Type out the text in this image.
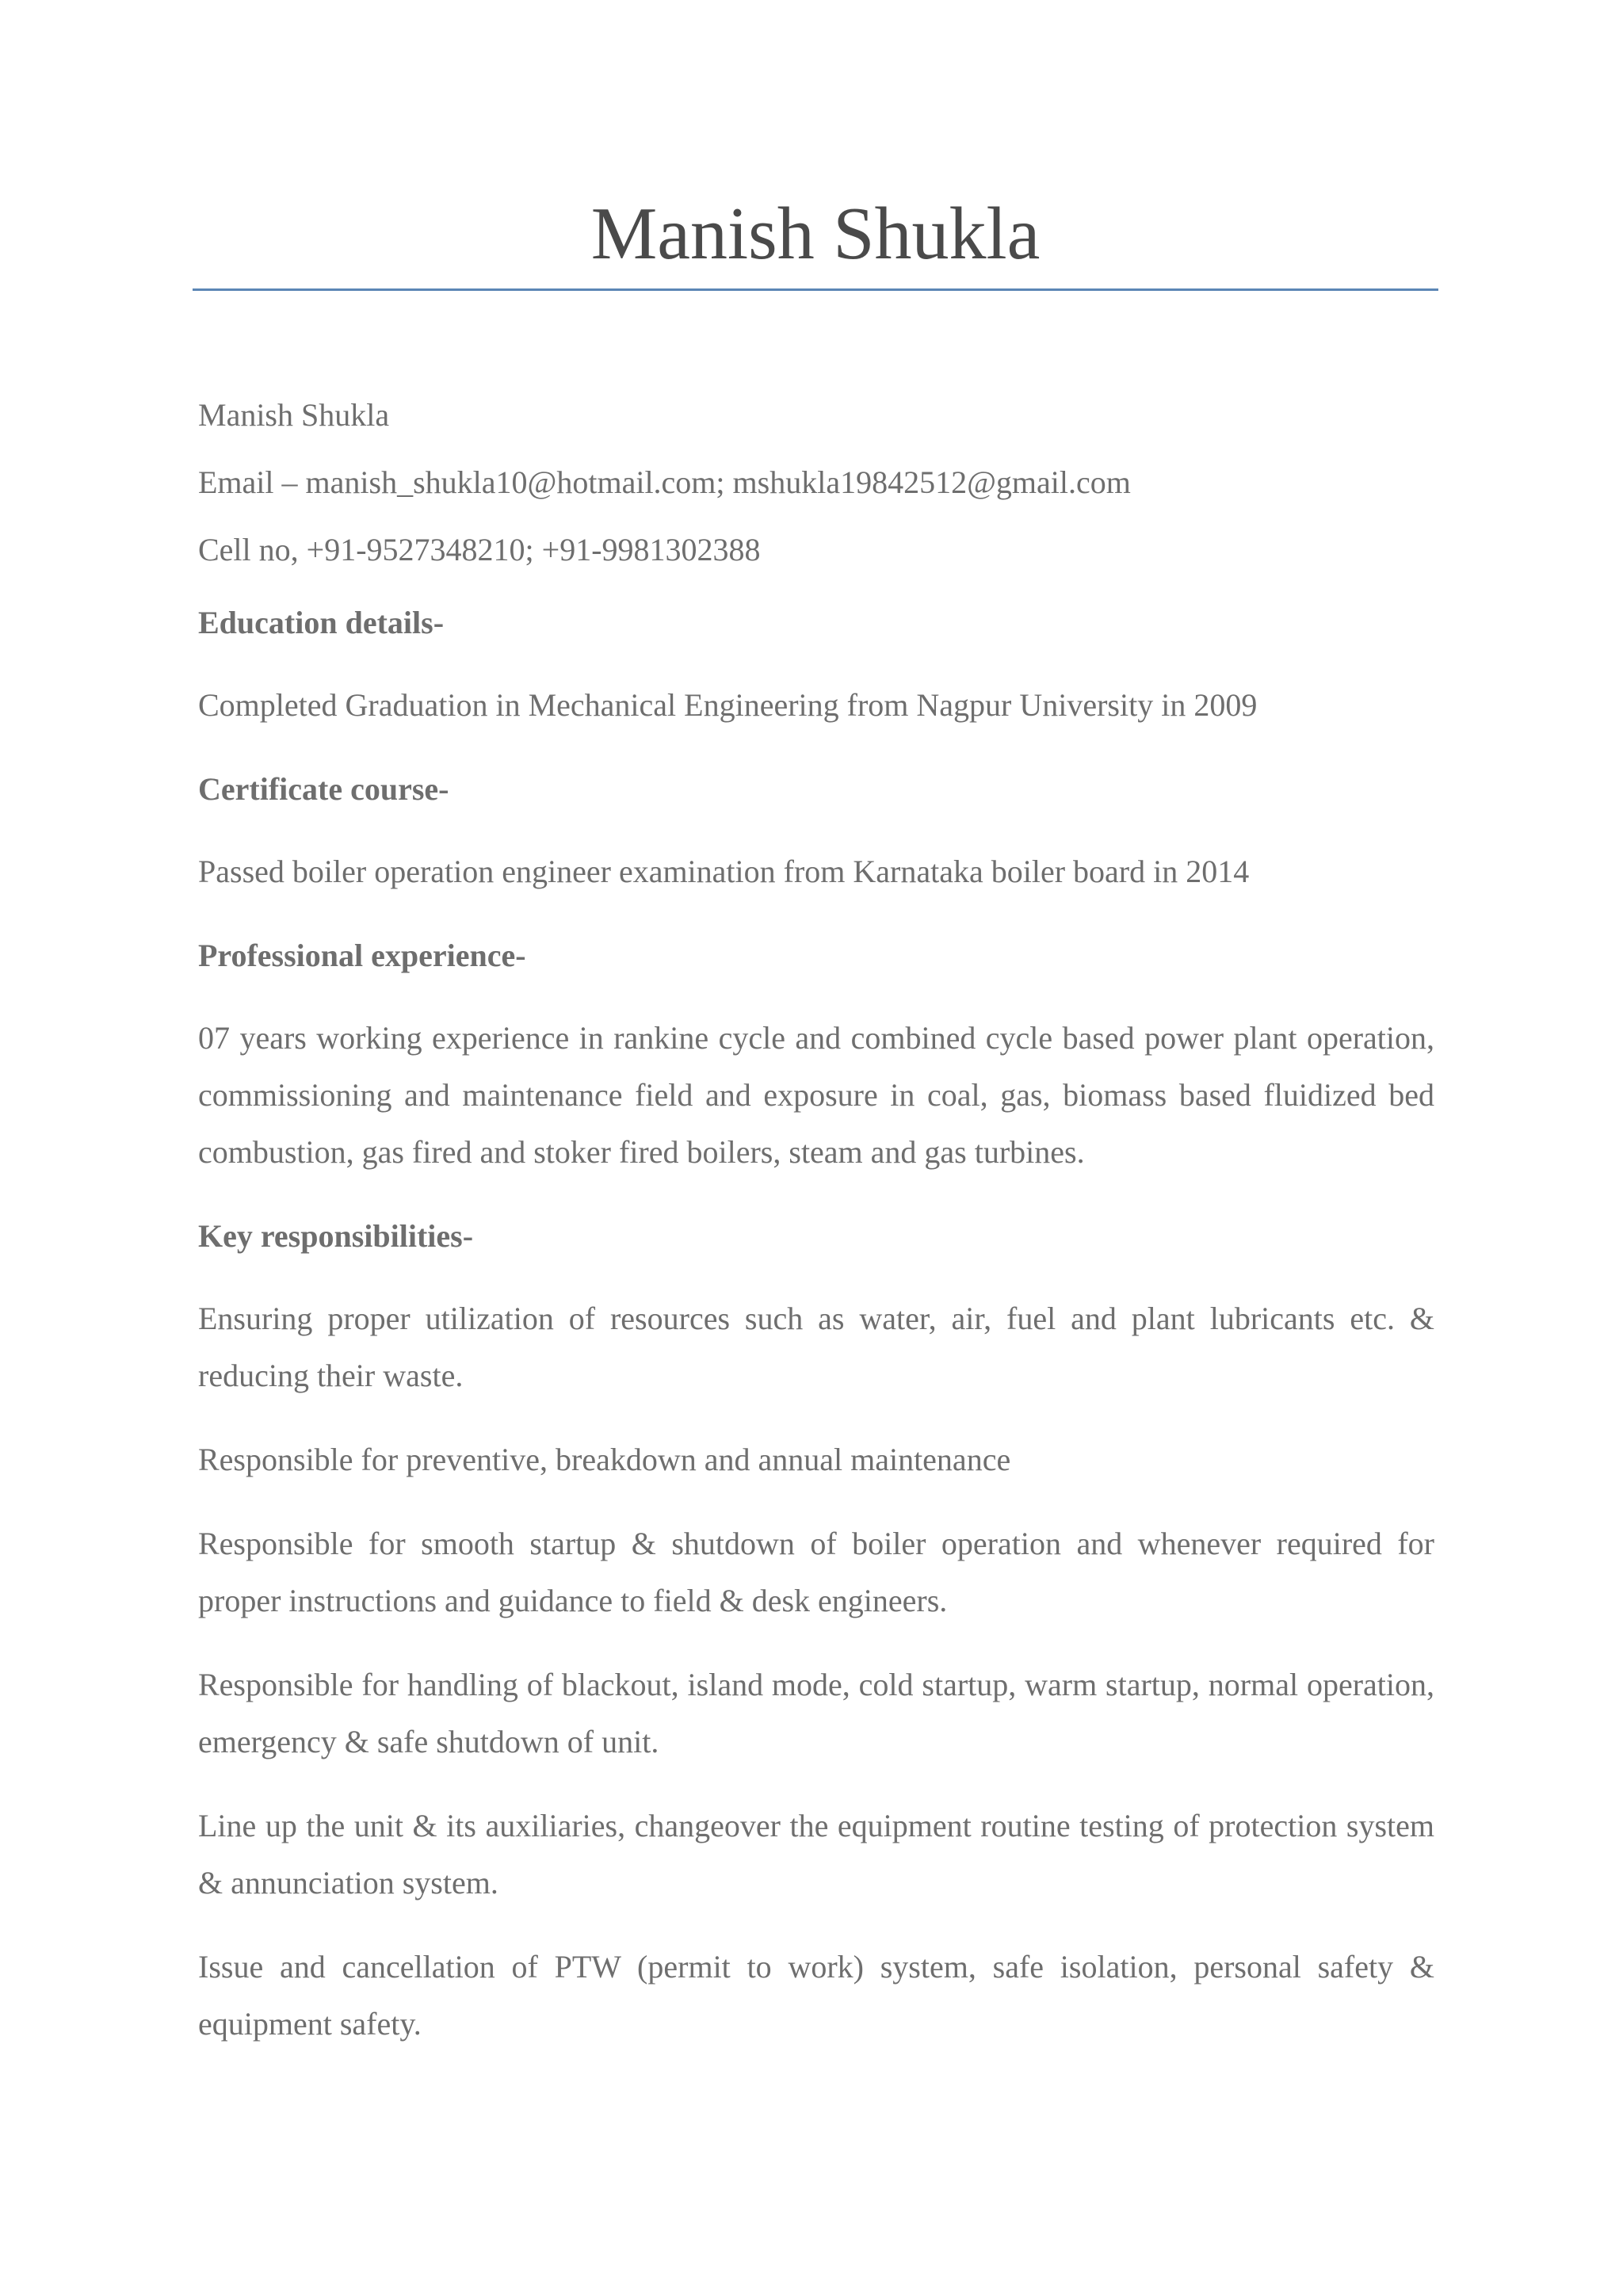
Manish Shukla

Manish Shukla

Email – manish_shukla10@hotmail.com; mshukla19842512@gmail.com

Cell no, +91-9527348210; +91-9981302388

Education details-

Completed Graduation in Mechanical Engineering from Nagpur University in 2009

Certificate course-

Passed boiler operation engineer examination from Karnataka boiler board in 2014

Professional experience-

07 years working experience in rankine cycle and combined cycle based power plant operation, commissioning and maintenance field and exposure in coal, gas, biomass based fluidized bed combustion, gas fired and stoker fired boilers, steam and gas turbines.

Key responsibilities-

Ensuring proper utilization of resources such as water, air, fuel and plant lubricants etc. & reducing their waste.

Responsible for preventive, breakdown and annual maintenance

Responsible for smooth startup & shutdown of boiler operation and whenever required for proper instructions and guidance to field & desk engineers.

Responsible for handling of blackout, island mode, cold startup, warm startup, normal operation, emergency & safe shutdown of unit.

Line up the unit & its auxiliaries, changeover the equipment routine testing of protection system & annunciation system.

Issue and cancellation of PTW (permit to work) system, safe isolation, personal safety & equipment safety.
